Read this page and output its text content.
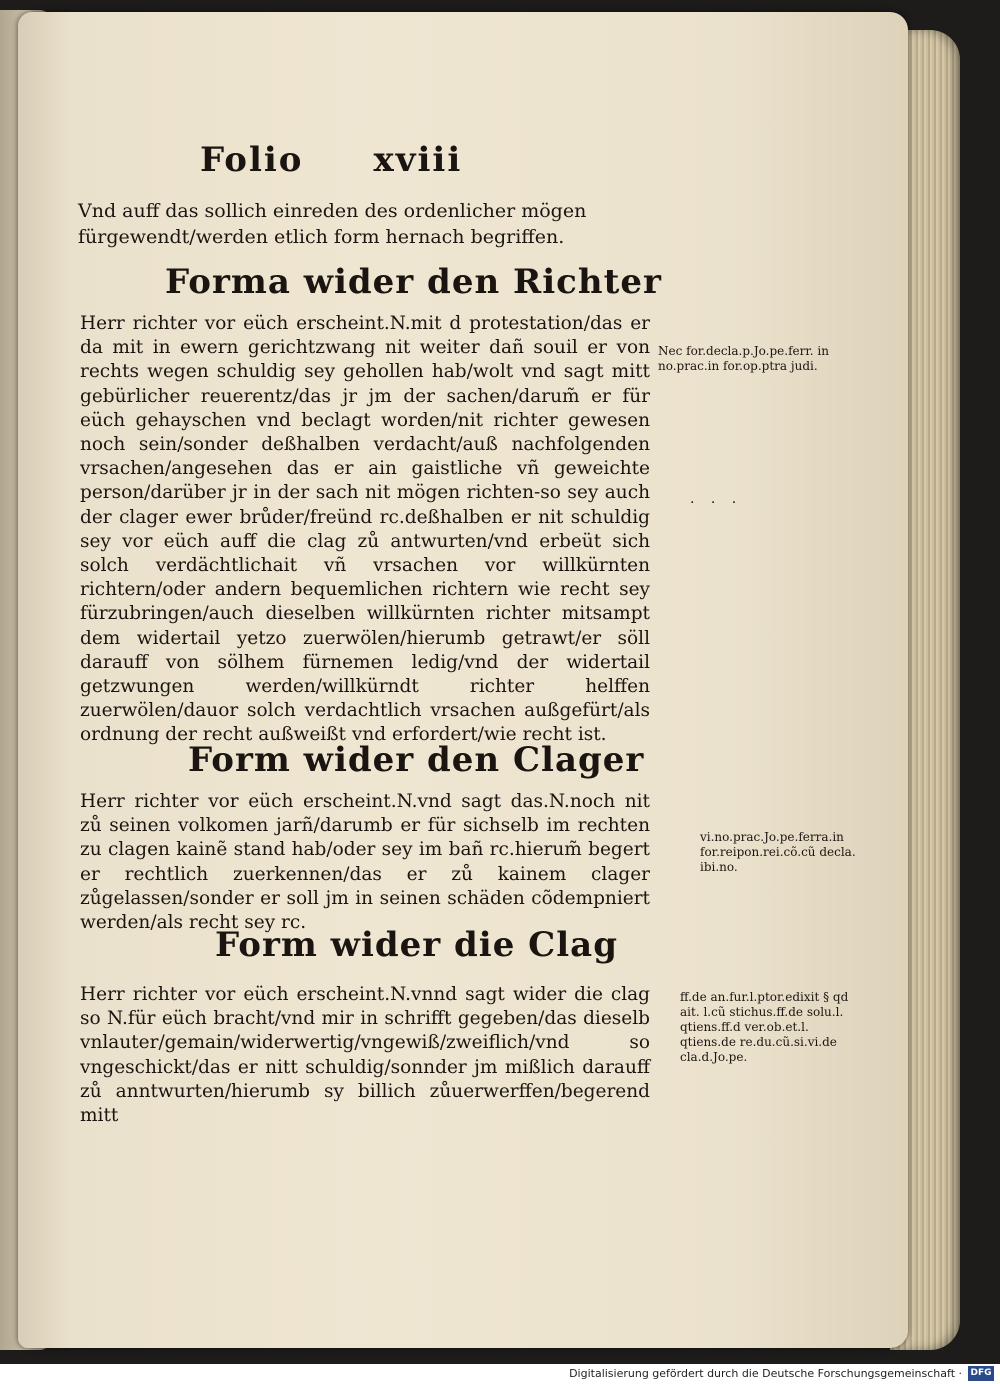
Folio xviii
Vnd auff das sollich einreden des ordenlicher mögen fürgewendt/werden etlich form hernach begriffen.
Forma wider den Richter
Herr richter vor eüch erscheint.N.mit d protestation/das er da mit in ewern gerichtzwang nit weiter dañ souil er von rechts wegen schuldig sey gehollen hab/wolt vnd sagt mitt gebürlicher reuerentz/das jr jm der sachen/darum̃ er für eüch gehayschen vnd beclagt worden/nit richter gewesen noch sein/sonder deßhalben verdacht/auß nachfolgenden vrsachen/angesehen das er ain gaistliche vñ geweichte person/darüber jr in der sach nit mögen richten-so sey auch der clager ewer brůder/freünd rc.deßhalben er nit schuldig sey vor eüch auff die clag zů antwurten/vnd erbeüt sich solch verdächtlichait vñ vrsachen vor willkürnten richtern/oder andern bequemlichen richtern wie recht sey fürzubringen/auch dieselben willkürnten richter mitsampt dem widertail yetzo zuerwölen/hierumb getrawt/er söll darauff von sölhem fürnemen ledig/vnd der widertail getzwungen werden/willkürndt richter helffen zuerwölen/dauor solch verdachtlich vrsachen außgefürt/als ordnung der recht außweißt vnd erfordert/wie recht ist.
Nec for.decla.p.Jo.pe.ferr. in no.prac.in for.op.ptra judi.
· · ·
Form wider den Clager
Herr richter vor eüch erscheint.N.vnd sagt das.N.noch nit zů seinen volkomen jarñ/darumb er für sichselb im rechten zu clagen kainẽ stand hab/oder sey im bañ rc.hierum̃ begert er rechtlich zuerkennen/das er zů kainem clager zůgelassen/sonder er soll jm in seinen schäden cõdempniert werden/als recht sey rc.
vi.no.prac.Jo.pe.ferra.in for.reipon.rei.cõ.cũ decla. ibi.no.
Form wider die Clag
Herr richter vor eüch erscheint.N.vnnd sagt wider die clag so N.für eüch bracht/vnd mir in schrifft gegeben/das dieselb vnlauter/gemain/widerwertig/vngewiß/zweiflich/vnd so vngeschickt/das er nitt schuldig/sonnder jm mißlich darauff zů anntwurten/hierumb sy billich zůuerwerffen/begerend mitt
ff.de an.fur.l.ptor.edixit § qd ait. l.cũ stichus.ff.de solu.l. qtiens.ff.d ver.ob.et.l. qtiens.de re.du.cũ.si.vi.de cla.d.Jo.pe.
Digitalisierung gefördert durch die Deutsche Forschungsgemeinschaft · DFG
